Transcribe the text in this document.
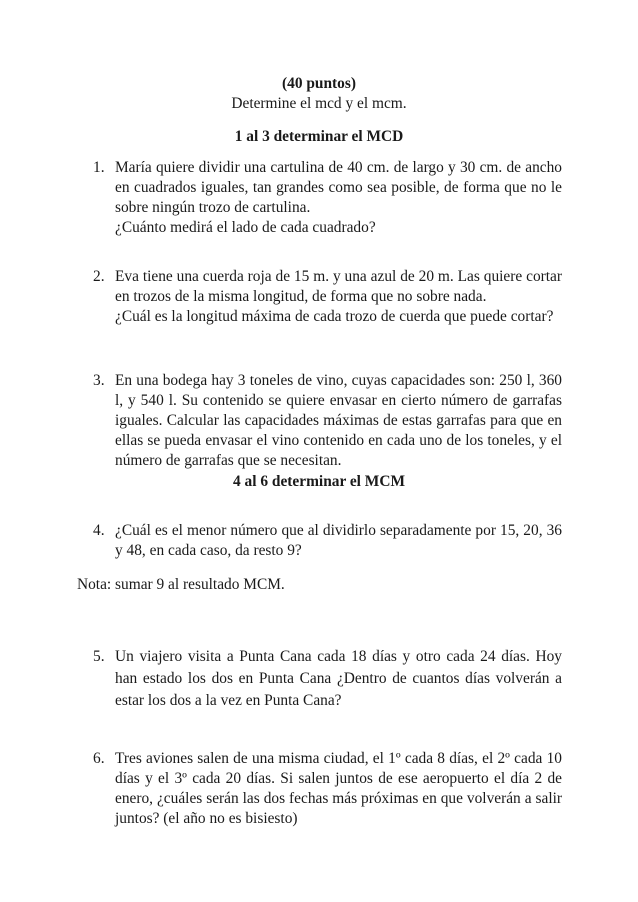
(40 puntos)
Determine el mcd y el mcm.
1 al 3 determinar el MCD
1. María quiere dividir una cartulina de 40 cm. de largo y 30 cm. de ancho en cuadrados iguales, tan grandes como sea posible, de forma que no le sobre ningún trozo de cartulina.

¿Cuánto medirá el lado de cada cuadrado?

2. Eva tiene una cuerda roja de 15 m. y una azul de 20 m. Las quiere cortar en trozos de la misma longitud, de forma que no sobre nada.

¿Cuál es la longitud máxima de cada trozo de cuerda que puede cortar?

3. En una bodega hay 3 toneles de vino, cuyas capacidades son: 250 l, 360 l, y 540 l. Su contenido se quiere envasar en cierto número de garrafas iguales. Calcular las capacidades máximas de estas garrafas para que en ellas se pueda envasar el vino contenido en cada uno de los toneles, y el número de garrafas que se necesitan.

4 al 6 determinar el MCM
4. ¿Cuál es el menor número que al dividirlo separadamente por 15, 20, 36 y 48, en cada caso, da resto 9?

Nota: sumar 9 al resultado MCM.
5. Un viajero visita a Punta Cana cada 18 días y otro cada 24 días. Hoy han estado los dos en Punta Cana ¿Dentro de cuantos días volverán a estar los dos a la vez en Punta Cana?

6. Tres aviones salen de una misma ciudad, el 1º cada 8 días, el 2º cada 10 días y el 3º cada 20 días. Si salen juntos de ese aeropuerto el día 2 de enero, ¿cuáles serán las dos fechas más próximas en que volverán a salir juntos? (el año no es bisiesto)
